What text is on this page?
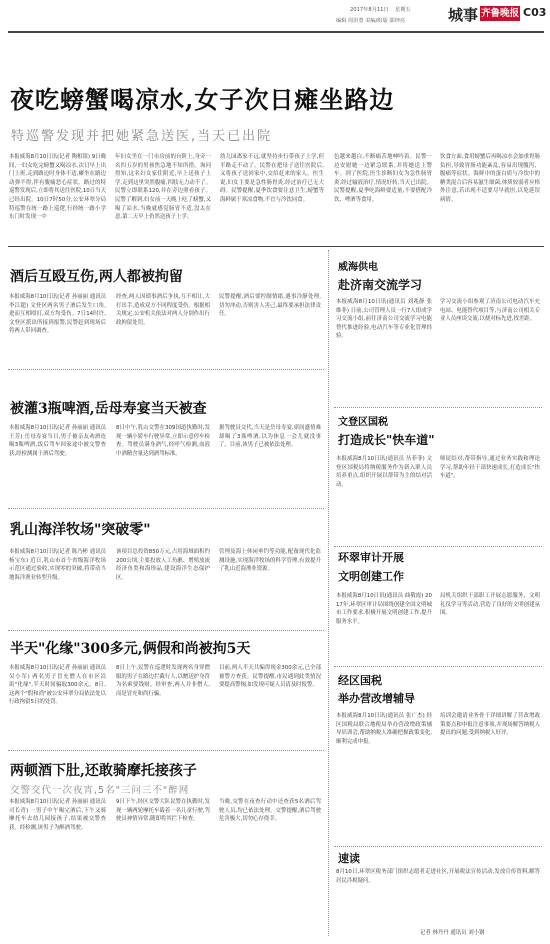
2017年8月11日 星期五
编辑 周洪勇 美编/组版 邵钟亮	城事 齐鲁晚报 C03
夜吃螃蟹喝凉水,女子次日瘫坐路边
特巡警发现并把她紧急送医,当天已出院
本报威海8月10日讯(记者 陶相银) 9日晚间,一妇女吃完螃蟹又喝凉水,次日早上出门上班,走到路边时身体不适,瘫坐在路边动弹不得,伴有腹痛恶心症状。路过的特巡警发现后,立即将其送往医院,10日当天已经出院。10日7时50分,公安环翠分局特巡警在统一路上巡逻,行经统一路小学东门时发现一中
年妇女坐在一门市房前的台阶上,身旁一名四五岁的男孩焦急地不知所措。询问得知,这名妇女家住附近,早上送孩子上学,走到这里突然腹痛,四肢无力动不了。民警立即联系120,并在旁边照看孩子。民警了解到,妇女前一天晚上吃了螃蟹,又喝了凉水,当晚就感觉肠胃不适,没太在意,第二天早上仍然送孩子上学。
幼儿园离家不远,就坚持步行带孩子上学,但半路走不动了。民警在把母子送往医院后,又将孩子送回家中,交给赶来的家人。医生说,妇女主要是急性肠胃炎,经过治疗已无大碍。民警提醒,夏季饮食要注意卫生,螃蟹等海鲜属于寒凉食物,不宜与冷饮同食。
色越来越白,不断痛苦地呻吟着。民警一边安慰她一边紧急联系,并将她送上警车。到了医院,医生诊断妇女为急性肠胃炎,经过输液治疗,情况好转,当天已出院。民警提醒,夏季吃海鲜要适量,不要搭配冷饮、啤酒等食用。
饮食方面,食用螃蟹后再喝凉水会加重胃肠负担,导致胃肠功能紊乱,容易出现腹泻、腹痛等症状。海鲜中的蛋白质与冷饮中的糖类混合后容易滋生细菌,体质较弱者应格外注意,若出现不适要尽早就医,以免延误病情。
酒后互殴互伤,两人都被拘留
本报威海8月10日讯(记者 孙丽丽 通讯员 李江超) 文登区两名男子酒后发生口角,进而互相殴打,双方均受伤。7日14时许,文登区派出所接到报警,民警赶到现场后将两人带回调查。
经查,两人因琐事酒后争执,互不相让,大打出手,造成双方不同程度受伤。根据相关规定,公安机关依法对两人分别作出行政拘留处罚。
民警提醒,酒后要控制情绪,遇事冷静处理,切勿冲动,否则害人害己,最终要承担法律责任。
被灌3瓶啤酒,岳母寿宴当天被查
本报威海8月10日讯(记者 孙丽丽 通讯员 王芳) 岳母寿宴当日,男子被亲友劝酒连喝3瓶啤酒,饭后驾车回家途中被交警查获,经检测属于酒后驾驶。
8日中午,乳山交警在309国道执勤时,发现一辆小轿车行驶异常,立即示意停车检查。驾驶员满身酒气,经呼气检测,血液中酒精含量达到酒驾标准。
据驾驶员交代,当天是岳母寿宴,席间盛情难却喝了3瓶啤酒,以为休息一会儿就没事了。目前,该男子已被依法处理。
乳山海洋牧场"突破零"
本报威海8月10日讯(记者 陈乃彬 通讯员 杨宝东) 近日,乳山市首个省级海洋牧场示范区通过验收,实现零的突破,将带动当地海洋渔业转型升级。
该项目总投资850万元,占用海域面积约200公顷,主要投放人工鱼礁、增殖放流经济鱼类和海珍品,建设海洋生态保护区。
管理及海上休闲垂钓等功能,配备现代化监测设施,实现海洋牧场的科学管理,有效提升了乳山近海渔业资源。
半天"化缘"300多元,俩假和尚被拘5天
本报威海8月10日讯(记者 孙丽丽 通讯员 吴小军) 两名男子冒充僧人在市区沿街"化缘",半天时间骗取300余元。8日,这两个"假和尚"被公安环翠分局依法处以行政拘留5日的处罚。
8日上午,民警在巡逻时发现两名身穿僧服的男子在路边拦截行人,以赠送护身符为名索要钱财。经审查,两人并非僧人,而是冒充和尚行骗。
目前,两人半天共骗得现金300余元,已全部被警方查获。民警提醒,市民遇到此类情况要提高警惕,如发现可疑人员请及时报警。
两顿酒下肚,还敢骑摩托接孩子
交警交代一次夜宵,5名"三问三不"醉网
本报威海8月10日讯(记者 孙丽丽 通讯员 司长青) 一男子中午喝完酒后,下午又骑摩托车去幼儿园接孩子,结果被交警查获。经检测,该男子为醉酒驾驶。
9日下午,经区交警大队民警在执勤时,发现一辆两轮摩托车载着一名儿童行驶,驾驶员神情异常,随即将其拦下检查。
当晚,交警在夜查行动中还查获5名酒后驾驶人员,均已依法处理。交警提醒,酒后驾驶危害极大,切勿心存侥幸。
威海供电
赴济南交流学习
本报威海8月10日讯(通讯员 刘兆静 张维菲) 日前,公司管理人员一行7人组成学习交流小组,前往济南公司交流学习电能替代推进经验,电动汽车等专业化管理经验。
学习交流小组参观了济南公司电动汽车充电站、电能替代项目等,与济南公司相关专业人员座谈交流,以便对标先进,找差距。
文登区国税
打造成长"快车道"
本报威海8月10日讯(通讯员 丛菲菲) 文登区国税局将纳税服务作为新入职人员培养重点,组织开展以帮带为主的结对活动。
师徒结对,帮带指导,通过业务实践和理论学习,帮助年轻干部快速成长,打造成长"快车道"。
环翠审计开展
文明创建工作
本报威海8月10日讯(通讯员 曲敬霞) 2017年,环翠区审计局围绕创建全国文明城市工作要求,积极开展文明创建工作,提升服务水平。
局机关组织干部职工开展志愿服务、文明礼仪学习等活动,营造了良好的文明创建氛围。
经区国税
举办营改增辅导
本报威海8月10日讯(通讯员 张广杰) 经区国税局联合地税局举办营改增政策辅导培训会,帮助纳税人准确把握政策变化,顺利完成申报。
培训会邀请业务骨干详细讲解了营改增政策要点和申报注意事项,并现场解答纳税人提出的问题,受到纳税人好评。
速读
8月10日,环翠区税务部门组织志愿者走进社区,开展税法宣传活动,发放宣传资料,解答居民涉税疑问。
记者 林丹丹 通讯员 刘小钢
